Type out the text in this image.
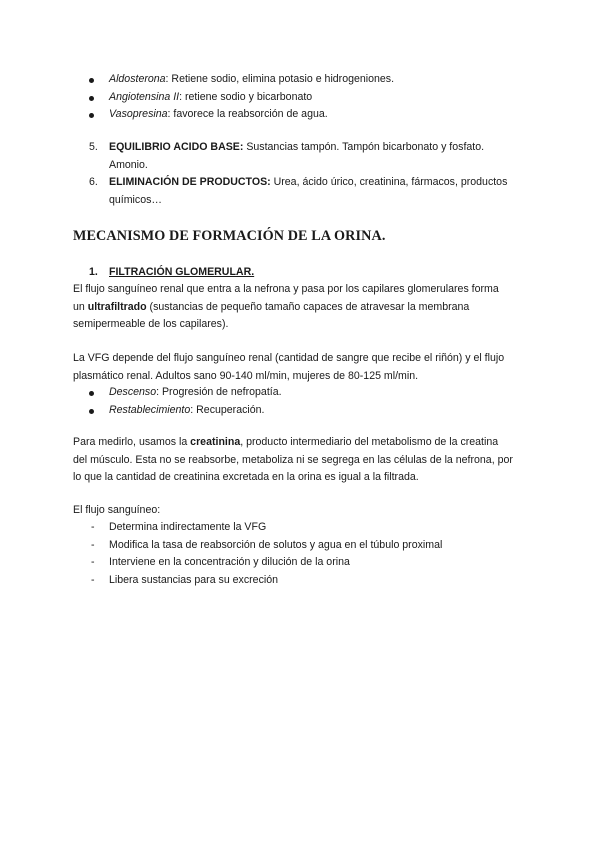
Aldosterona: Retiene sodio, elimina potasio e hidrogeniones.
Angiotensina II: retiene sodio y bicarbonato
Vasopresina: favorece la reabsorción de agua.
5. EQUILIBRIO ACIDO BASE: Sustancias tampón. Tampón bicarbonato y fosfato.
Amonio.
6. ELIMINACIÓN DE PRODUCTOS: Urea, ácido úrico, creatinina, fármacos, productos
químicos…
MECANISMO DE FORMACIÓN DE LA ORINA.
1. FILTRACIÓN GLOMERULAR.
El flujo sanguíneo renal que entra a la nefrona y pasa por los capilares glomerulares forma
un ultrafiltrado (sustancias de pequeño tamaño capaces de atravesar la membrana
semipermeable de los capilares).
La VFG depende del flujo sanguíneo renal (cantidad de sangre que recibe el riñón) y el flujo
plasmático renal. Adultos sano 90-140 ml/min, mujeres de 80-125 ml/min.
Descenso: Progresión de nefropatía.
Restablecimiento: Recuperación.
Para medirlo, usamos la creatinina, producto intermediario del metabolismo de la creatina
del músculo. Esta no se reabsorbe, metaboliza ni se segrega en las células de la nefrona, por
lo que la cantidad de creatinina excretada en la orina es igual a la filtrada.
El flujo sanguíneo:
- Determina indirectamente la VFG
- Modifica la tasa de reabsorción de solutos y agua en el túbulo proximal
- Interviene en la concentración y dilución de la orina
- Libera sustancias para su excreción
